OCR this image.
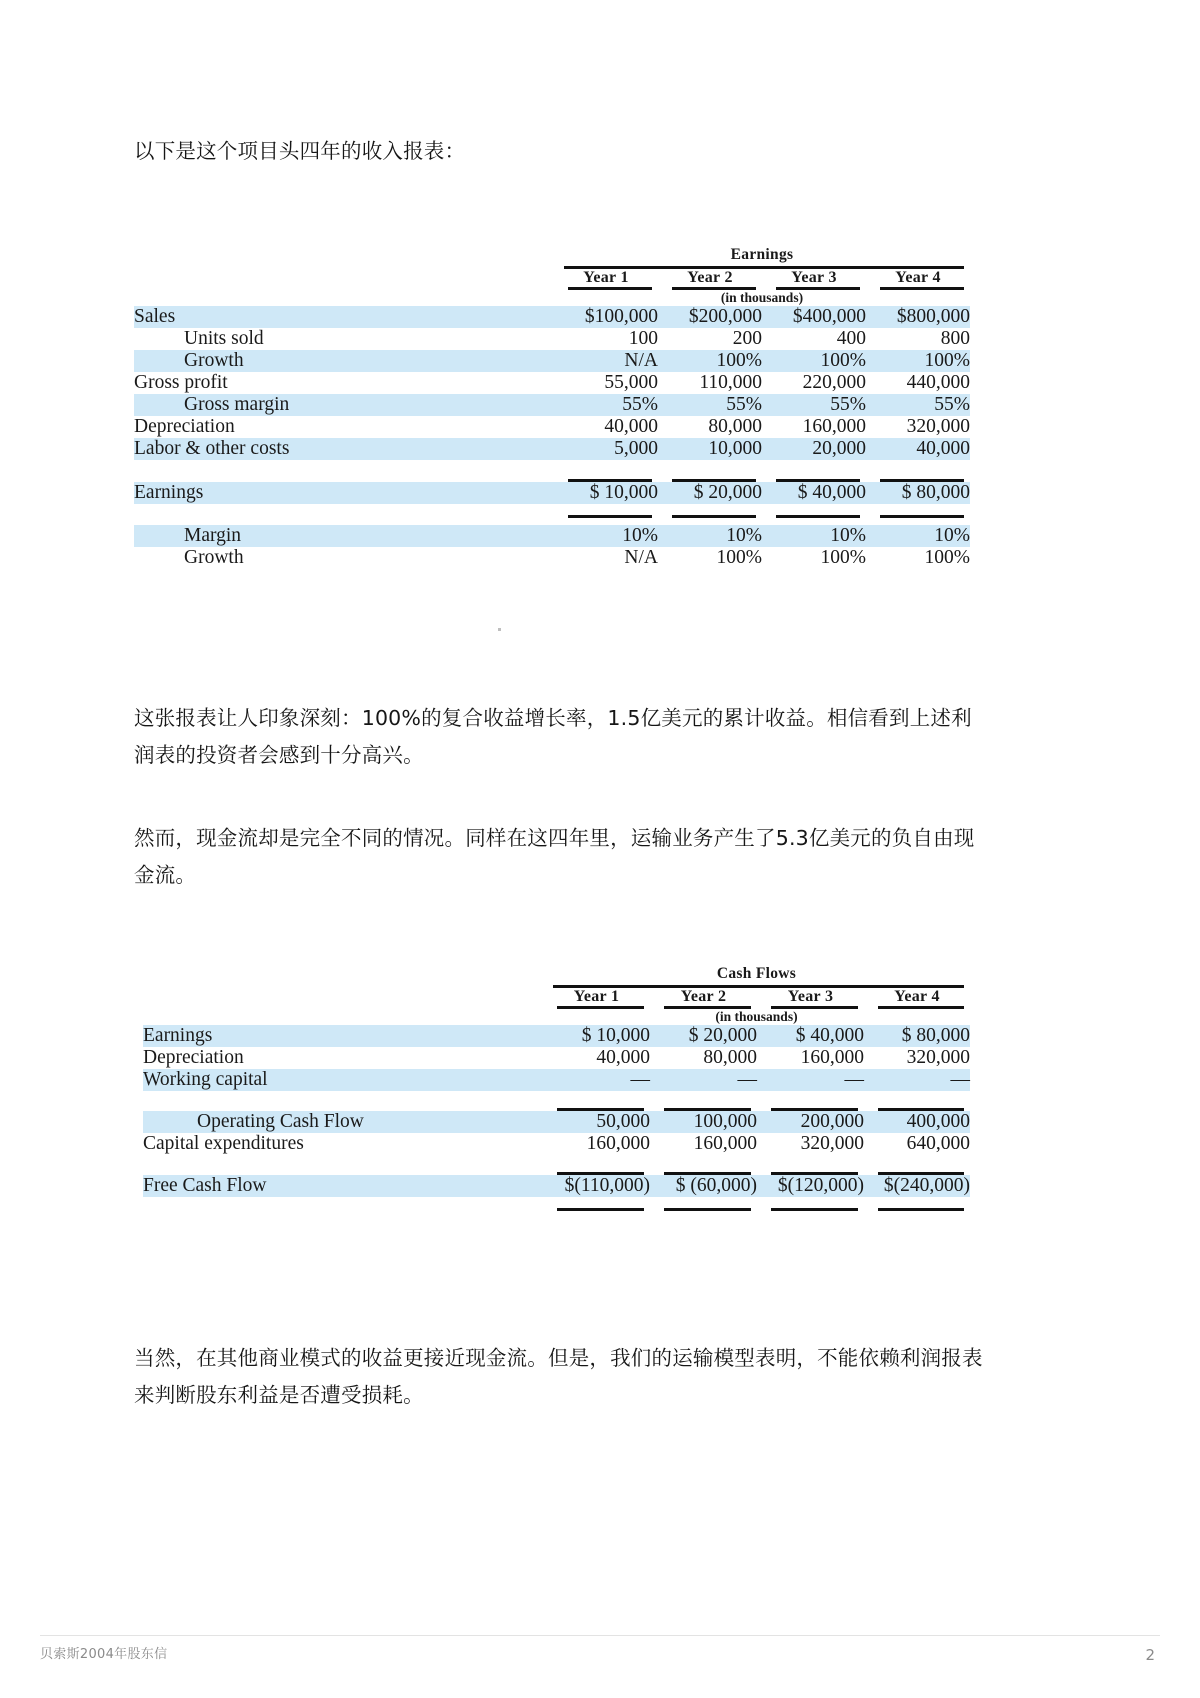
以下是这个项目头四年的收入报表：
	Earnings			

	Year 1	Year 2	Year 3	Year 4

	(in thousands)			
Sales	$100,000	$200,000	$400,000	$800,000
Units sold	100	200	400	800
Growth	N/A	100%	100%	100%
Gross profit	55,000	110,000	220,000	440,000
Gross margin	55%	55%	55%	55%
Depreciation	40,000	80,000	160,000	320,000
Labor & other costs	5,000	10,000	20,000	40,000

Earnings	$ 10,000	$ 20,000	$ 40,000	$ 80,000

Margin	10%	10%	10%	10%
Growth	N/A	100%	100%	100%
这张报表让人印象深刻：100%的复合收益增长率，1.5亿美元的累计收益。相信看到上述利润表的投资者会感到十分高兴。
然而，现金流却是完全不同的情况。同样在这四年里，运输业务产生了5.3亿美元的负自由现金流。
	Cash Flows			

	Year 1	Year 2	Year 3	Year 4

	(in thousands)			
Earnings	$ 10,000	$ 20,000	$ 40,000	$ 80,000
Depreciation	40,000	80,000	160,000	320,000
Working capital	—	—	—	—

Operating Cash Flow	50,000	100,000	200,000	400,000
Capital expenditures	160,000	160,000	320,000	640,000

Free Cash Flow	$(110,000)	$ (60,000)	$(120,000)	$(240,000)

当然，在其他商业模式的收益更接近现金流。但是，我们的运输模型表明，不能依赖利润报表来判断股东利益是否遭受损耗。
贝索斯2004年股东信	2
